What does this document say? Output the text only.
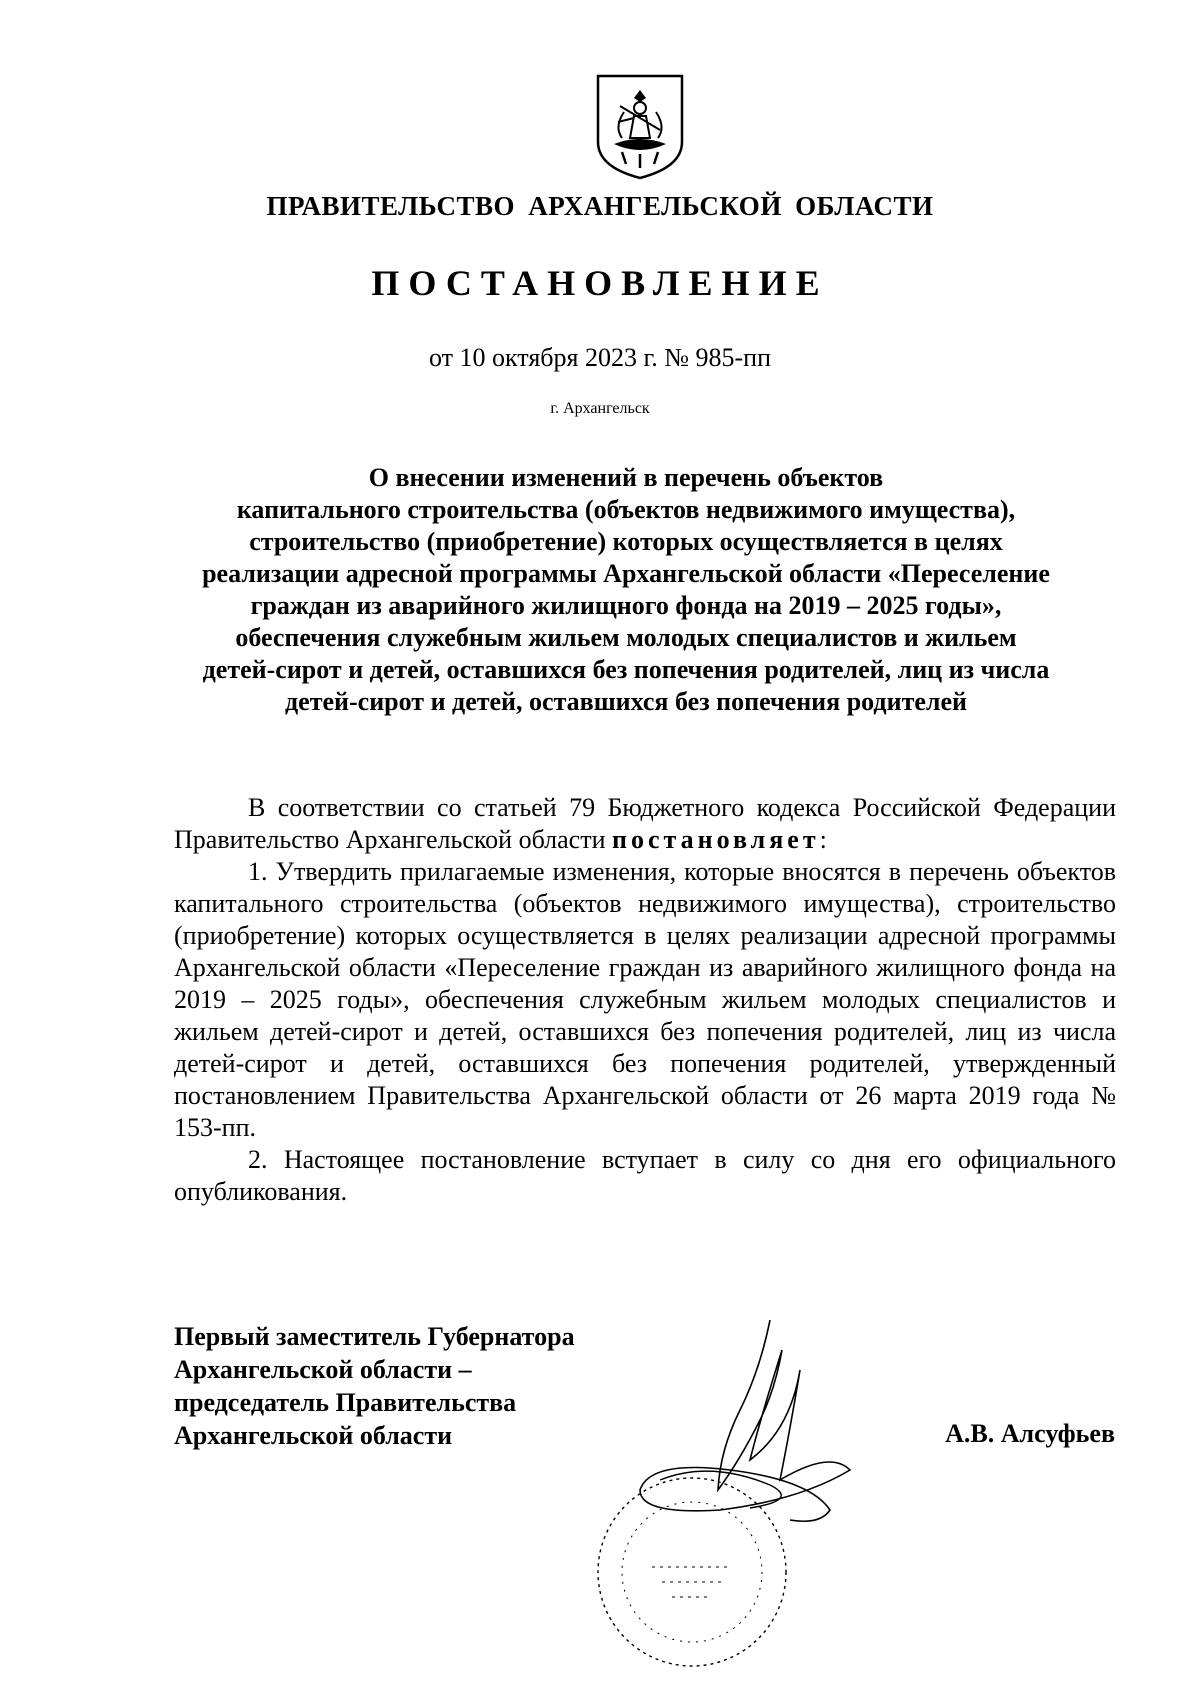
ПРАВИТЕЛЬСТВО АРХАНГЕЛЬСКОЙ ОБЛАСТИ
ПОСТАНОВЛЕНИЕ
от 10 октября 2023 г. № 985-пп
г. Архангельск
О внесении изменений в перечень объектов
капитального строительства (объектов недвижимого имущества),
строительство (приобретение) которых осуществляется в целях
реализации адресной программы Архангельской области «Переселение
граждан из аварийного жилищного фонда на 2019 – 2025 годы»,
обеспечения служебным жильем молодых специалистов и жильем
детей-сирот и детей, оставшихся без попечения родителей, лиц из числа
детей-сирот и детей, оставшихся без попечения родителей

В соответствии со статьей 79 Бюджетного кодекса Российской Федерации Правительство Архангельской области постановляет:

1. Утвердить прилагаемые изменения, которые вносятся в перечень объектов капитального строительства (объектов недвижимого имущества), строительство (приобретение) которых осуществляется в целях реализации адресной программы Архангельской области «Переселение граждан из аварийного жилищного фонда на 2019 – 2025 годы», обеспечения служебным жильем молодых специалистов и жильем детей-сирот и детей, оставшихся без попечения родителей, лиц из числа детей-сирот и детей, оставшихся без попечения родителей, утвержденный постановлением Правительства Архангельской области от 26 марта 2019 года № 153-пп.

2. Настоящее постановление вступает в силу со дня его официального опубликования.

Первый заместитель Губернатора
Архангельской области –
председатель Правительства
Архангельской области	А.В. Алсуфьев
